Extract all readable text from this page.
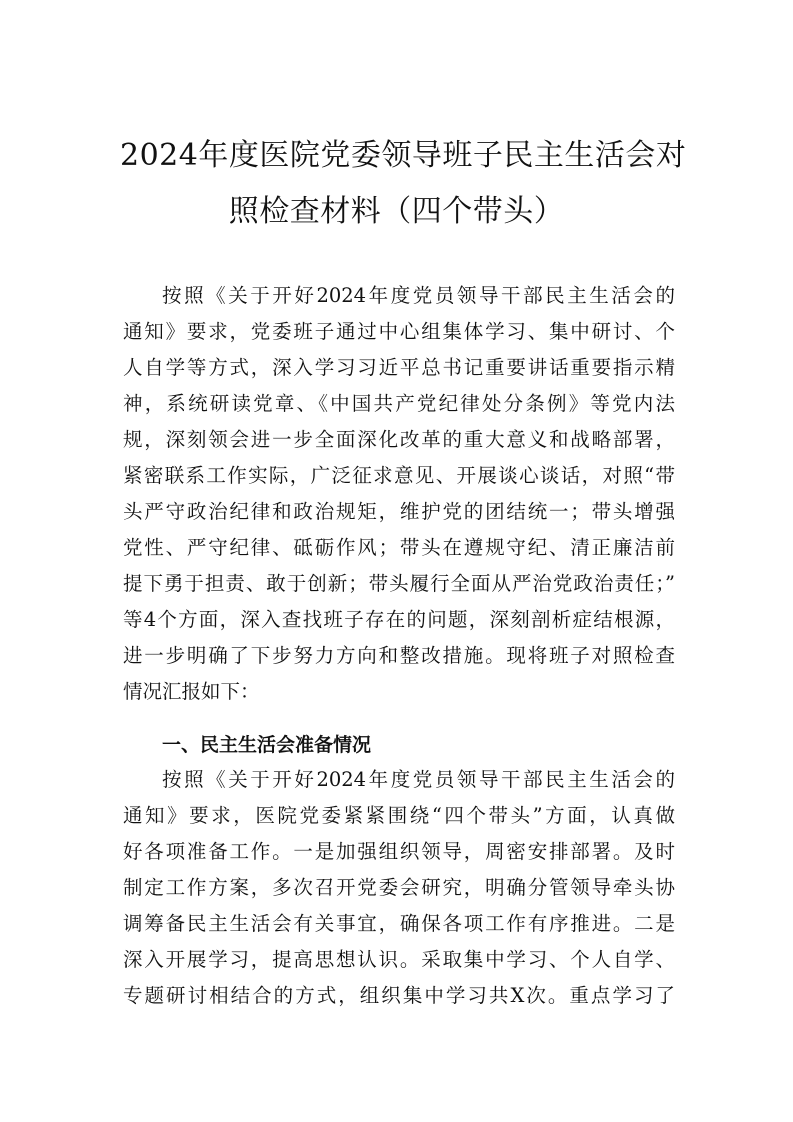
2024年度医院党委领导班子民主生活会对
照检查材料（四个带头）
按照《关于开好2024年度党员领导干部民主生活会的
通知》要求，党委班子通过中心组集体学习、集中研讨、个
人自学等方式，深入学习习近平总书记重要讲话重要指示精
神，系统研读党章、《中国共产党纪律处分条例》等党内法
规，深刻领会进一步全面深化改革的重大意义和战略部署，
紧密联系工作实际，广泛征求意见、开展谈心谈话，对照“带
头严守政治纪律和政治规矩，维护党的团结统一；带头增强
党性、严守纪律、砥砺作风；带头在遵规守纪、清正廉洁前
提下勇于担责、敢于创新；带头履行全面从严治党政治责任；”
等4个方面，深入查找班子存在的问题，深刻剖析症结根源，
进一步明确了下步努力方向和整改措施。现将班子对照检查
情况汇报如下：
一、民主生活会准备情况
按照《关于开好2024年度党员领导干部民主生活会的
通知》要求，医院党委紧紧围绕“四个带头”方面，认真做
好各项准备工作。一是加强组织领导，周密安排部署。及时
制定工作方案，多次召开党委会研究，明确分管领导牵头协
调筹备民主生活会有关事宜，确保各项工作有序推进。二是
深入开展学习，提高思想认识。采取集中学习、个人自学、
专题研讨相结合的方式，组织集中学习共X次。重点学习了
